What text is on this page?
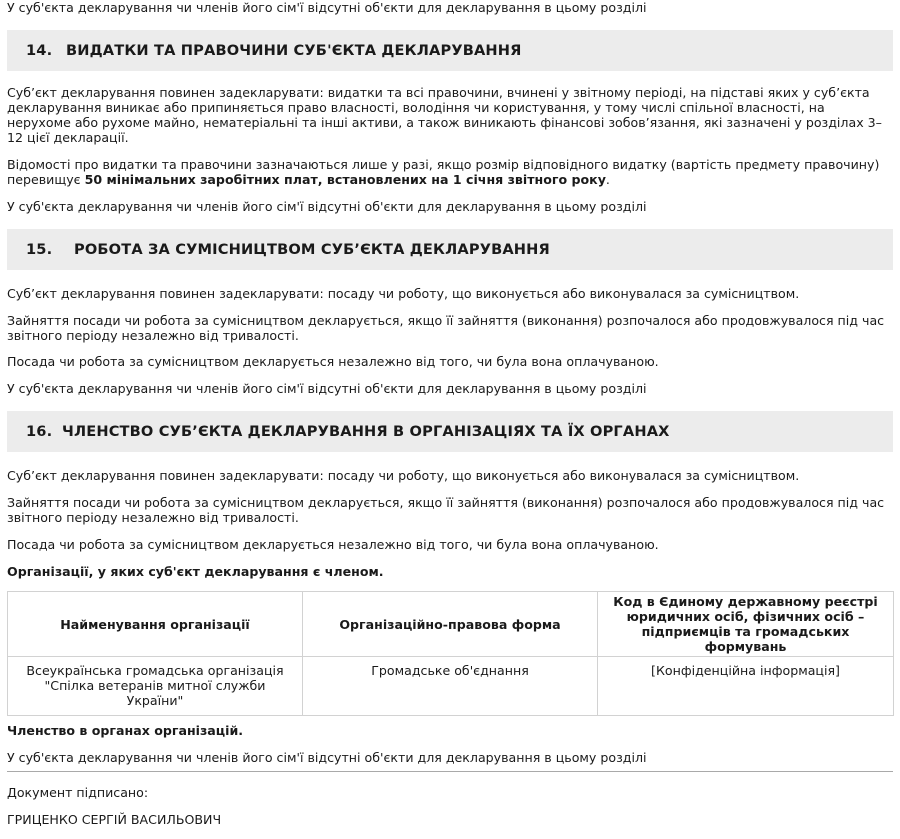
У суб'єкта декларування чи членів його сім'ї відсутні об'єкти для декларування в цьому розділі

14. ВИДАТКИ ТА ПРАВОЧИНИ СУБ'ЄКТА ДЕКЛАРУВАННЯ

Суб’єкт декларування повинен задекларувати: видатки та всі правочини, вчинені у звітному періоді, на підставі яких у суб’єкта декларування виникає або припиняється право власності, володіння чи користування, у тому числі спільної власності, на нерухоме або рухоме майно, нематеріальні та інші активи, а також виникають фінансові зобов’язання, які зазначені у розділах 3–12 цієї декларації.

Відомості про видатки та правочини зазначаються лише у разі, якщо розмір відповідного видатку (вартість предмету правочину) перевищує 50 мінімальних заробітних плат, встановлених на 1 січня звітного року.

У суб'єкта декларування чи членів його сім'ї відсутні об'єкти для декларування в цьому розділі

15. РОБОТА ЗА СУМІСНИЦТВОМ СУБ’ЄКТА ДЕКЛАРУВАННЯ

Суб’єкт декларування повинен задекларувати: посаду чи роботу, що виконується або виконувалася за сумісництвом.

Зайняття посади чи робота за сумісництвом декларується, якщо її зайняття (виконання) розпочалося або продовжувалося під час звітного періоду незалежно від тривалості.

Посада чи робота за сумісництвом декларується незалежно від того, чи була вона оплачуваною.

У суб'єкта декларування чи членів його сім'ї відсутні об'єкти для декларування в цьому розділі

16. ЧЛЕНСТВО СУБ’ЄКТА ДЕКЛАРУВАННЯ В ОРГАНІЗАЦІЯХ ТА ЇХ ОРГАНАХ

Суб’єкт декларування повинен задекларувати: посаду чи роботу, що виконується або виконувалася за сумісництвом.

Зайняття посади чи робота за сумісництвом декларується, якщо її зайняття (виконання) розпочалося або продовжувалося під час звітного періоду незалежно від тривалості.

Посада чи робота за сумісництвом декларується незалежно від того, чи була вона оплачуваною.

Організації, у яких суб'єкт декларування є членом.

Найменування організації	Організаційно-правова форма	Код в Єдиному державному реєстрі юридичних осіб, фізичних осіб – підприємців та громадських формувань
Всеукраїнська громадська організація "Спілка ветеранів митної служби України"	Громадське об'єднання	[Конфіденційна інформація]

Членство в органах організацій.

У суб'єкта декларування чи членів його сім'ї відсутні об'єкти для декларування в цьому розділі

Документ підписано:

ГРИЦЕНКО СЕРГІЙ ВАСИЛЬОВИЧ
